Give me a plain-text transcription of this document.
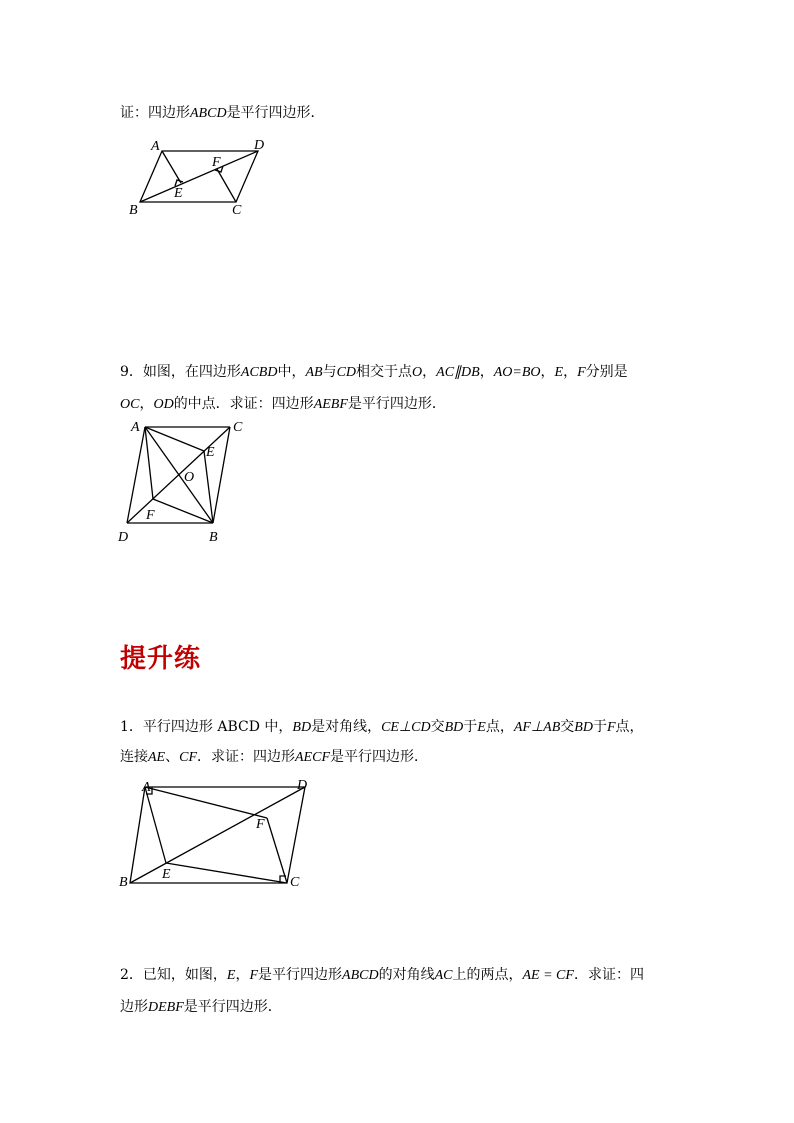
证：四边形ABCD是平行四边形．
A	D
F
E
B	C
9．如图，在四边形ACBD中，AB与CD相交于点O，AC∥DB，AO=BO，E，F分别是
OC，OD的中点．求证：四边形AEBF是平行四边形．
A	C
E
O
F
D	B
提升练
1．平行四边形 ABCD 中，BD是对角线，CE⊥CD交BD于E点，AF⊥AB交BD于F点，
连接AE、CF．求证：四边形AECF是平行四边形．
A	D
F
E
B	C
2．已知，如图，E，F是平行四边形ABCD的对角线AC上的两点，AE = CF．求证：四
边形DEBF是平行四边形．
